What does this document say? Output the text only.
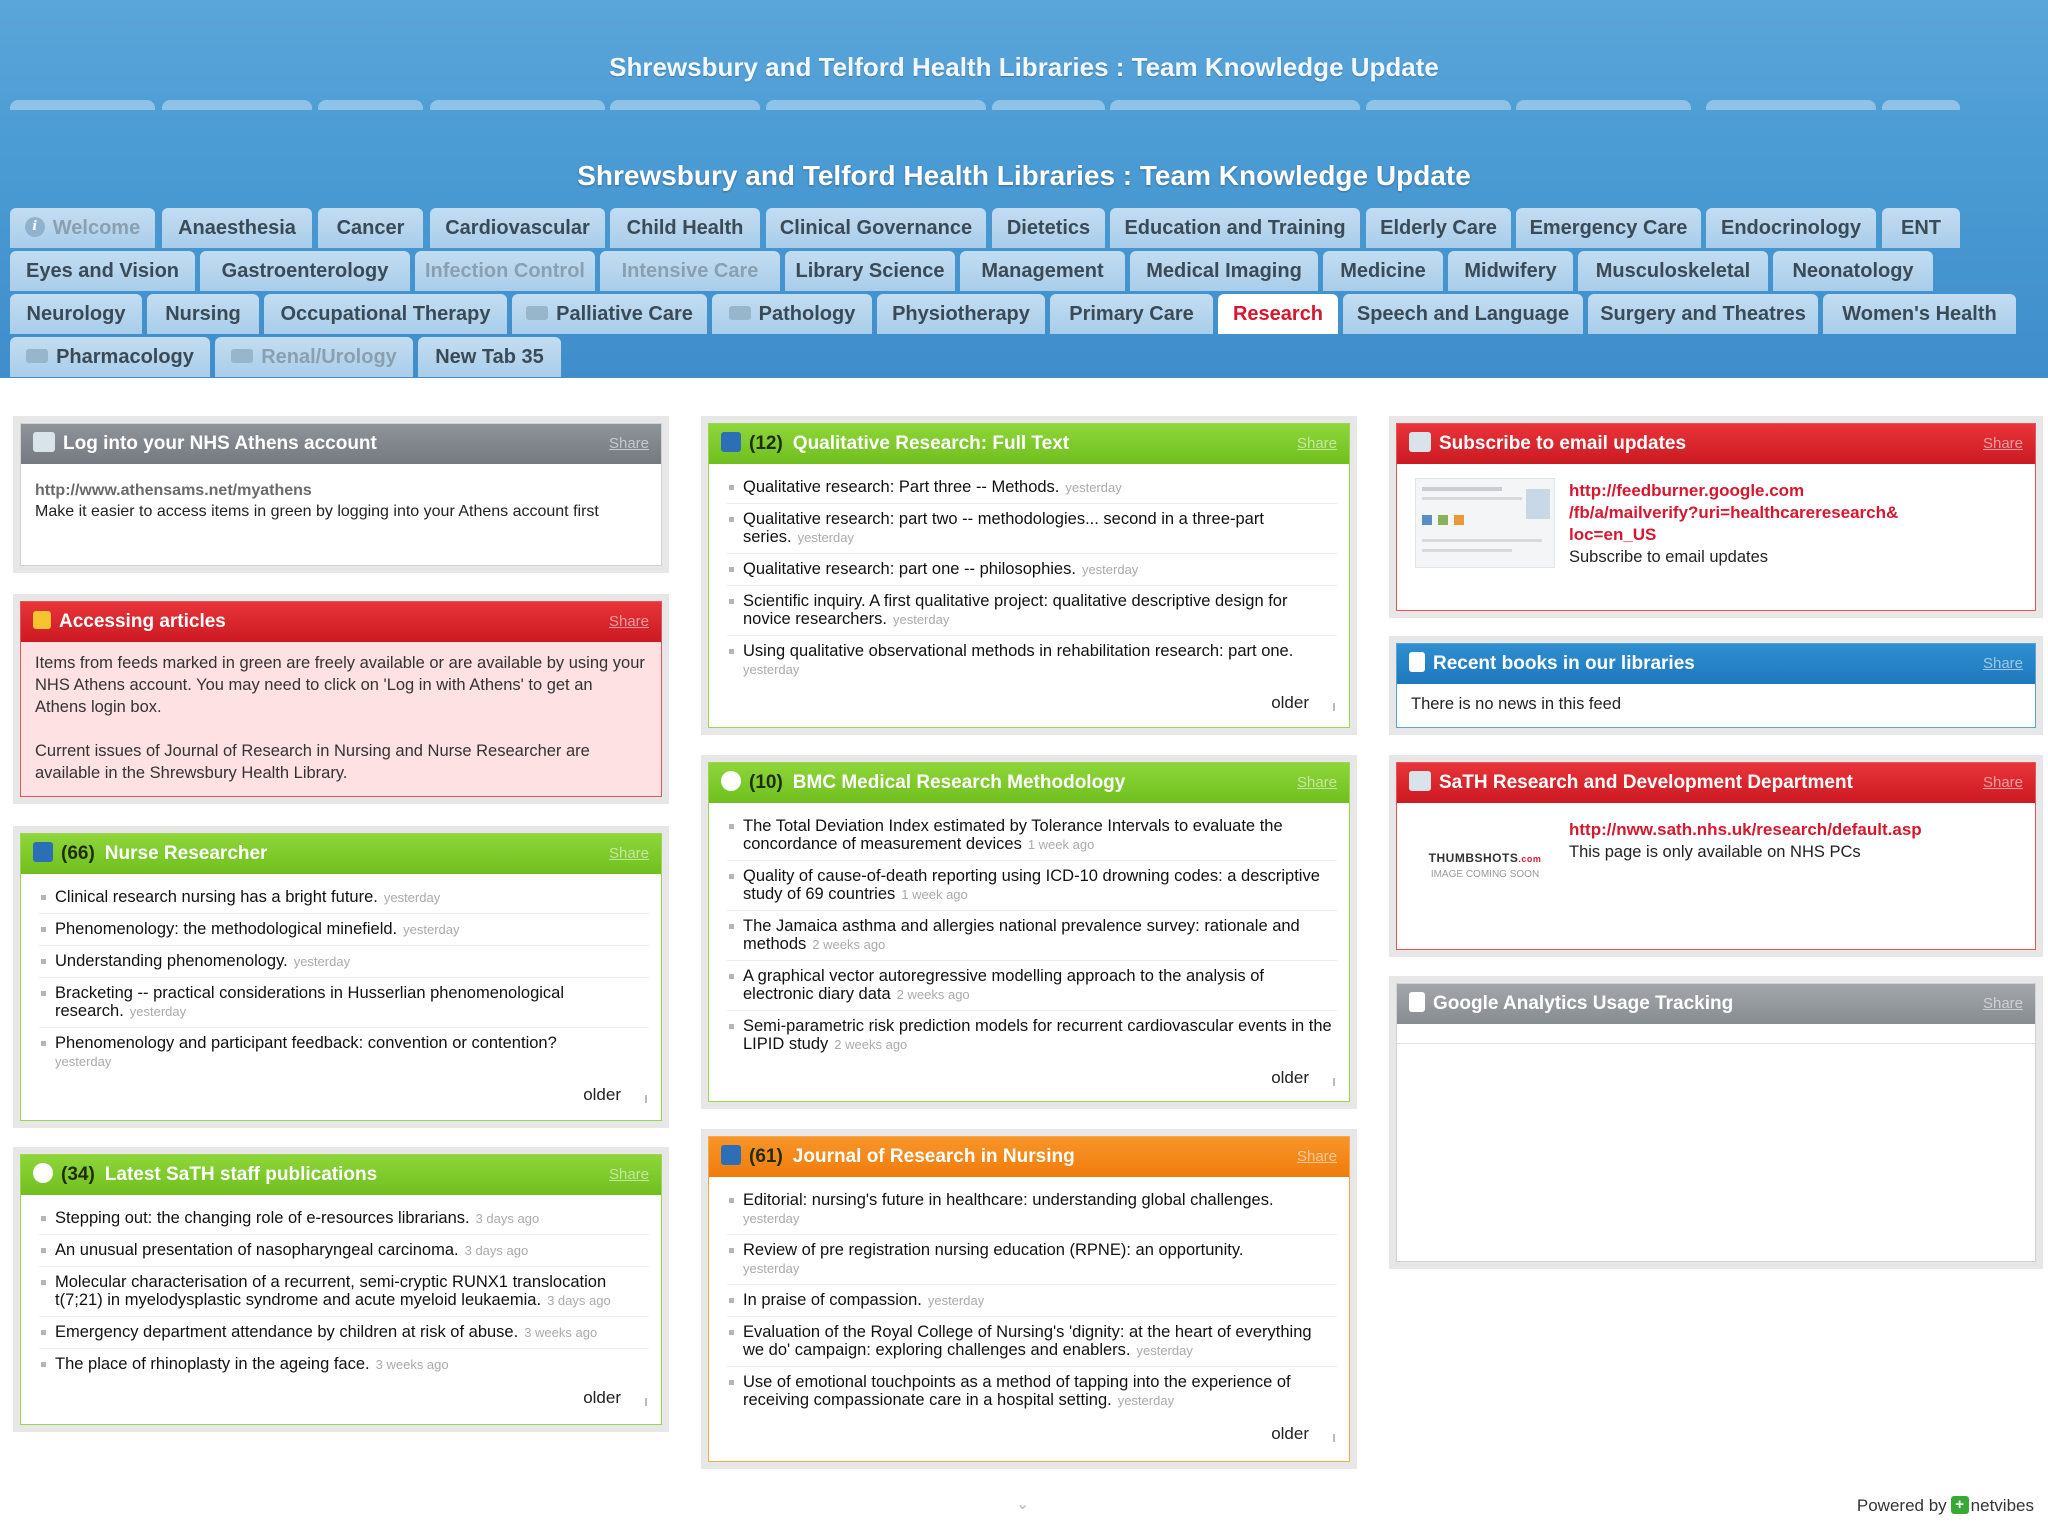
Shrewsbury and Telford Health Libraries : Team Knowledge Update
Shrewsbury and Telford Health Libraries : Team Knowledge Update
i Welcome	Anaesthesia	Cancer	Cardiovascular	Child Health	Clinical Governance	Dietetics	Education and Training	Elderly Care	Emergency Care	Endocrinology	ENT
Eyes and Vision	Gastroenterology	Infection Control	Intensive Care	Library Science	Management	Medical Imaging	Medicine	Midwifery	Musculoskeletal	Neonatology
Neurology	Nursing	Occupational Therapy	Palliative Care	Pathology	Physiotherapy	Primary Care	Research	Speech and Language	Surgery and Theatres	Women's Health
Pharmacology	Renal/Urology	New Tab 35
Log into your NHS Athens account	Share
http://www.athensams.net/myathens
Make it easier to access items in green by logging into your Athens account first
Accessing articles	Share

Items from feeds marked in green are freely available or are available by using your NHS Athens account. You may need to click on 'Log in with Athens' to get an Athens login box.

Current issues of Journal of Research in Nursing and Nurse Researcher are available in the Shrewsbury Health Library.

(66) Nurse Researcher	Share
Clinical research nursing has a bright future. yesterday
Phenomenology: the methodological minefield. yesterday
Understanding phenomenology. yesterday
Bracketing -- practical considerations in Husserlian phenomenological research. yesterday
Phenomenology and participant feedback: convention or contention?
yesterday
older
(34) Latest SaTH staff publications	Share
Stepping out: the changing role of e-resources librarians. 3 days ago
An unusual presentation of nasopharyngeal carcinoma. 3 days ago
Molecular characterisation of a recurrent, semi-cryptic RUNX1 translocation t(7;21) in myelodysplastic syndrome and acute myeloid leukaemia. 3 days ago
Emergency department attendance by children at risk of abuse. 3 weeks ago
The place of rhinoplasty in the ageing face. 3 weeks ago
older
(12) Qualitative Research: Full Text	Share
Qualitative research: Part three -- Methods. yesterday
Qualitative research: part two -- methodologies... second in a three-part series. yesterday
Qualitative research: part one -- philosophies. yesterday
Scientific inquiry. A first qualitative project: qualitative descriptive design for novice researchers. yesterday
Using qualitative observational methods in rehabilitation research: part one.
yesterday
older
(10) BMC Medical Research Methodology	Share
The Total Deviation Index estimated by Tolerance Intervals to evaluate the concordance of measurement devices 1 week ago
Quality of cause-of-death reporting using ICD-10 drowning codes: a descriptive study of 69 countries 1 week ago
The Jamaica asthma and allergies national prevalence survey: rationale and methods 2 weeks ago
A graphical vector autoregressive modelling approach to the analysis of electronic diary data 2 weeks ago
Semi-parametric risk prediction models for recurrent cardiovascular events in the LIPID study 2 weeks ago
older
(61) Journal of Research in Nursing	Share
Editorial: nursing's future in healthcare: understanding global challenges.
yesterday
Review of pre registration nursing education (RPNE): an opportunity.
yesterday
In praise of compassion. yesterday
Evaluation of the Royal College of Nursing's 'dignity: at the heart of everything we do' campaign: exploring challenges and enablers. yesterday
Use of emotional touchpoints as a method of tapping into the experience of receiving compassionate care in a hospital setting. yesterday
older
Subscribe to email updates	Share
http://feedburner.google.com
/fb/a/mailverify?uri=healthcareresearch&
loc=en_US
Subscribe to email updates
Recent books in our libraries	Share
There is no news in this feed
SaTH Research and Development Department	Share
THUMBSHOTS.com
IMAGE COMING SOON
http://nww.sath.nhs.uk/research/default.asp
This page is only available on NHS PCs
Google Analytics Usage Tracking	Share
⌄	Powered by + netvibes
